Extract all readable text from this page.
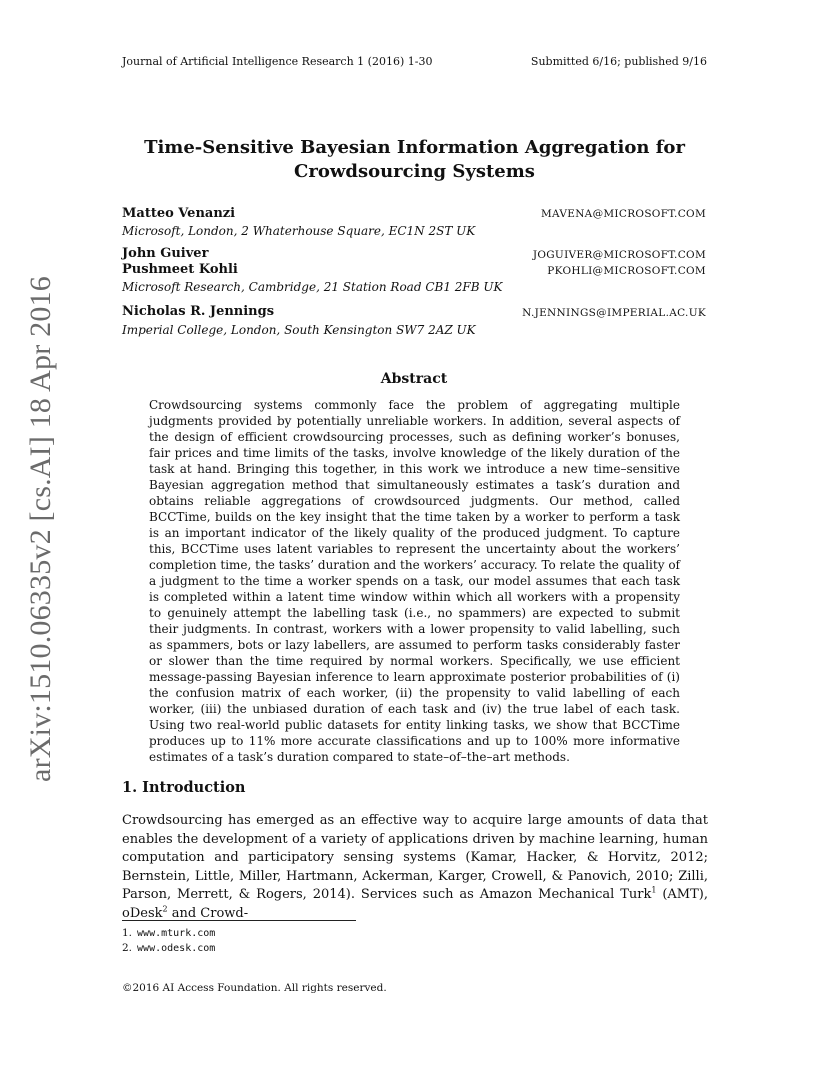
Journal of Artificial Intelligence Research 1 (2016) 1-30	Submitted 6/16; published 9/16
arXiv:1510.06335v2 [cs.AI] 18 Apr 2016
Time-Sensitive Bayesian Information Aggregation for
Crowdsourcing Systems
Matteo Venanzi	MAVENA@MICROSOFT.COM
Microsoft, London, 2 Whaterhouse Square, EC1N 2ST UK
John Guiver	JOGUIVER@MICROSOFT.COM
Pushmeet Kohli	PKOHLI@MICROSOFT.COM
Microsoft Research, Cambridge, 21 Station Road CB1 2FB UK
Nicholas R. Jennings	N.JENNINGS@IMPERIAL.AC.UK
Imperial College, London, South Kensington SW7 2AZ UK
Abstract
Crowdsourcing systems commonly face the problem of aggregating multiple judgments provided by potentially unreliable workers. In addition, several aspects of the design of efficient crowdsourcing processes, such as defining worker’s bonuses, fair prices and time limits of the tasks, involve knowledge of the likely duration of the task at hand. Bringing this together, in this work we introduce a new time–sensitive Bayesian aggregation method that simultaneously estimates a task’s duration and obtains reliable aggregations of crowdsourced judgments. Our method, called BCCTime, builds on the key insight that the time taken by a worker to perform a task is an important indicator of the likely quality of the produced judgment. To capture this, BCCTime uses latent variables to represent the uncertainty about the workers’ completion time, the tasks’ duration and the workers’ accuracy. To relate the quality of a judgment to the time a worker spends on a task, our model assumes that each task is completed within a latent time window within which all workers with a propensity to genuinely attempt the labelling task (i.e., no spammers) are expected to submit their judgments. In contrast, workers with a lower propensity to valid labelling, such as spammers, bots or lazy labellers, are assumed to perform tasks considerably faster or slower than the time required by normal workers. Specifically, we use efficient message-passing Bayesian inference to learn approximate posterior probabilities of (i) the confusion matrix of each worker, (ii) the propensity to valid labelling of each worker, (iii) the unbiased duration of each task and (iv) the true label of each task. Using two real-world public datasets for entity linking tasks, we show that BCCTime produces up to 11% more accurate classifications and up to 100% more informative estimates of a task’s duration compared to state–of–the–art methods.
1. Introduction
Crowdsourcing has emerged as an effective way to acquire large amounts of data that enables the development of a variety of applications driven by machine learning, human computation and participatory sensing systems (Kamar, Hacker, & Horvitz, 2012; Bernstein, Little, Miller, Hartmann, Ackerman, Karger, Crowell, & Panovich, 2010; Zilli, Parson, Merrett, & Rogers, 2014). Services such as Amazon Mechanical Turk$^1$ (AMT), oDesk$^2$ and Crowd-
1. www.mturk.com
2. www.odesk.com
©2016 AI Access Foundation. All rights reserved.
